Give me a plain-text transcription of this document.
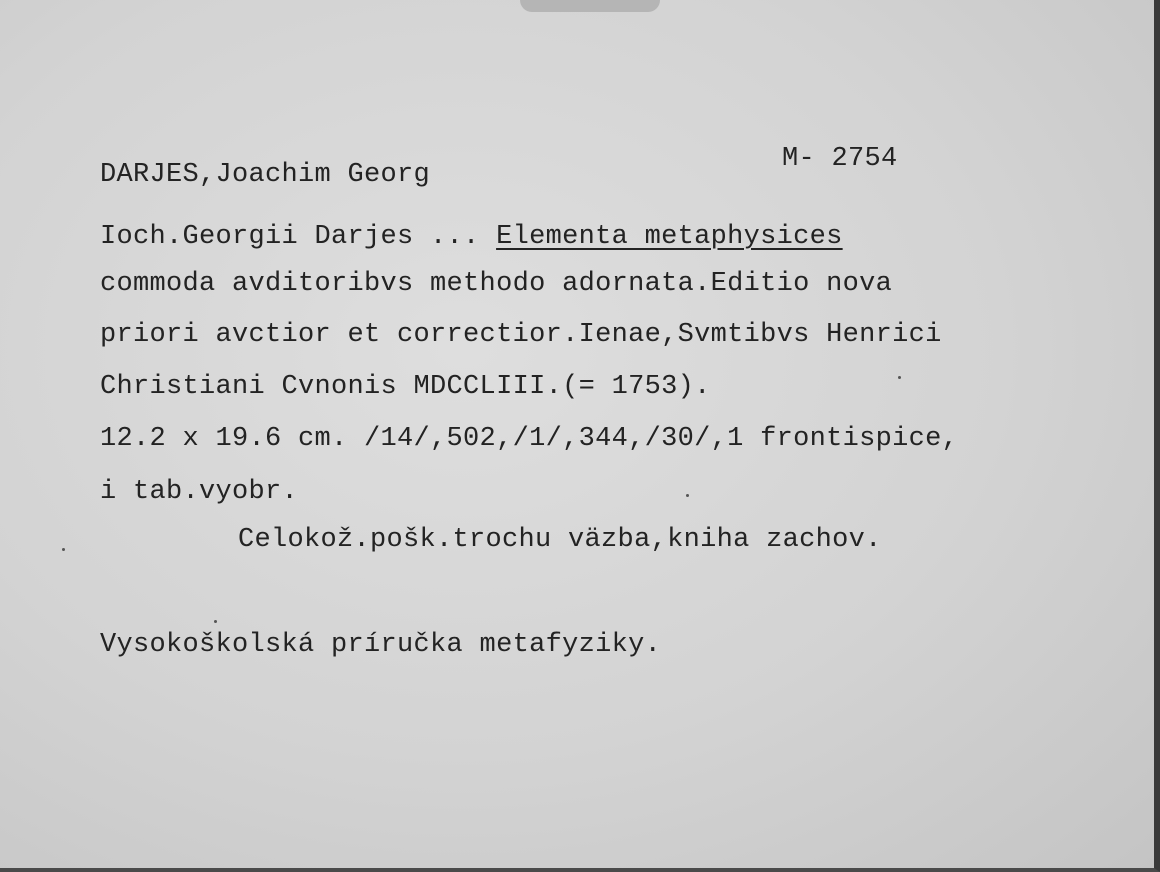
DARJES,Joachim Georg
M- 2754
Ioch.Georgii Darjes ... Elementa metaphysices
commoda avditoribvs methodo adornata.Editio nova
priori avctior et correctior.Ienae,Svmtibvs Henrici
Christiani Cvnonis MDCCLIII.(= 1753).
12.2 x 19.6 cm. /14/,502,/1/,344,/30/,1 frontispice,
i tab.vyobr.
Celokož.pošk.trochu väzba,kniha zachov.
Vysokoškolská príručka metafyziky.
